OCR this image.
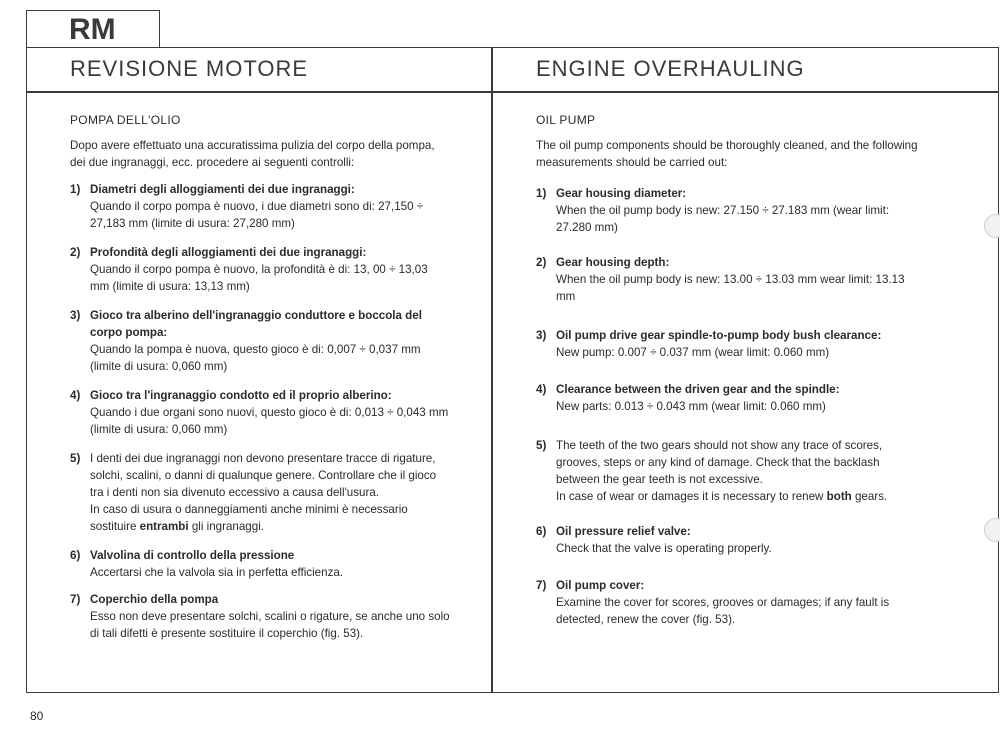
RM
REVISIONE MOTORE	ENGINE OVERHAULING

POMPA DELL'OLIO

Dopo avere effettuato una accuratissima pulizia del corpo della pompa, dei due ingranaggi, ecc. procedere ai seguenti controlli:

1) Diametri degli alloggiamenti dei due ingranaggi:

Quando il corpo pompa è nuovo, i due diametri sono di: 27,150 ÷ 27,183 mm (limite di usura: 27,280 mm)

2) Profondità degli alloggiamenti dei due ingranaggi:

Quando il corpo pompa è nuovo, la profondità è di: 13, 00 ÷ 13,03 mm (limite di usura: 13,13 mm)

3) Gioco tra alberino dell'ingranaggio conduttore e boccola del corpo pompa:

Quando la pompa è nuova, questo gioco è di: 0,007 ÷ 0,037 mm (limite di usura: 0,060 mm)

4) Gioco tra l'ingranaggio condotto ed il proprio alberino:

Quando i due organi sono nuovi, questo gioco è di: 0,013 ÷ 0,043 mm (limite di usura: 0,060 mm)

5) I denti dei due ingranaggi non devono presentare tracce di rigature, solchi, scalini, o danni di qualunque genere. Controllare che il gioco tra i denti non sia divenuto eccessivo a causa dell'usura.

In caso di usura o danneggiamenti anche minimi è necessario sostituire entrambi gli ingranaggi.

6) Valvolina di controllo della pressione

Accertarsi che la valvola sia in perfetta efficienza.

7) Coperchio della pompa

Esso non deve presentare solchi, scalini o rigature, se anche uno solo di tali difetti è presente sostituire il coperchio (fig. 53).

OIL PUMP

The oil pump components should be thoroughly cleaned, and the following measurements should be carried out:

1) Gear housing diameter:

When the oil pump body is new: 27.150 ÷ 27.183 mm (wear limit: 27.280 mm)

2) Gear housing depth:

When the oil pump body is new: 13.00 ÷ 13.03 mm wear limit: 13.13 mm

3) Oil pump drive gear spindle-to-pump body bush clearance:

New pump: 0.007 ÷ 0.037 mm (wear limit: 0.060 mm)

4) Clearance between the driven gear and the spindle:

New parts: 0.013 ÷ 0.043 mm (wear limit: 0.060 mm)

5) The teeth of the two gears should not show any trace of scores, grooves, steps or any kind of damage. Check that the backlash between the gear teeth is not excessive.

In case of wear or damages it is necessary to renew both gears.

6) Oil pressure relief valve:

Check that the valve is operating properly.

7) Oil pump cover:

Examine the cover for scores, grooves or damages; if any fault is detected, renew the cover (fig. 53).

80
